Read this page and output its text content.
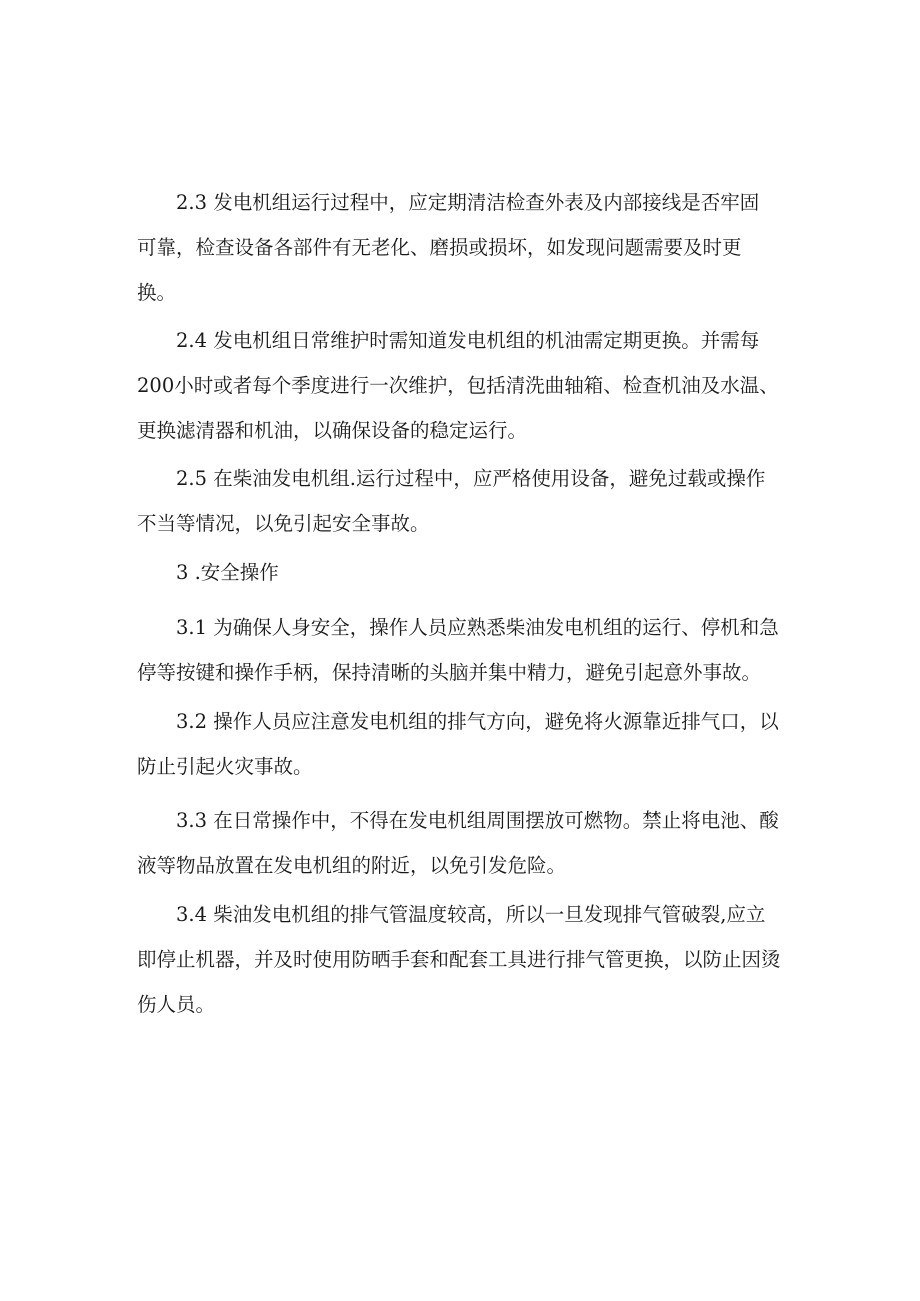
2.3 发电机组运行过程中，应定期清洁检查外表及内部接线是否牢固

可靠，检查设备各部件有无老化、磨损或损坏，如发现问题需要及时更

换。

2.4 发电机组日常维护时需知道发电机组的机油需定期更换。并需每

200小时或者每个季度进行一次维护，包括清洗曲轴箱、检查机油及水温、

更换滤清器和机油，以确保设备的稳定运行。

2.5 在柴油发电机组.运行过程中，应严格使用设备，避免过载或操作

不当等情况，以免引起安全事故。

3 .安全操作

3.1 为确保人身安全，操作人员应熟悉柴油发电机组的运行、停机和急

停等按键和操作手柄，保持清晰的头脑并集中精力，避免引起意外事故。

3.2 操作人员应注意发电机组的排气方向，避免将火源靠近排气口，以

防止引起火灾事故。

3.3 在日常操作中，不得在发电机组周围摆放可燃物。禁止将电池、酸

液等物品放置在发电机组的附近，以免引发危险。

3.4 柴油发电机组的排气管温度较高，所以一旦发现排气管破裂,应立

即停止机器，并及时使用防晒手套和配套工具进行排气管更换，以防止因烫

伤人员。
